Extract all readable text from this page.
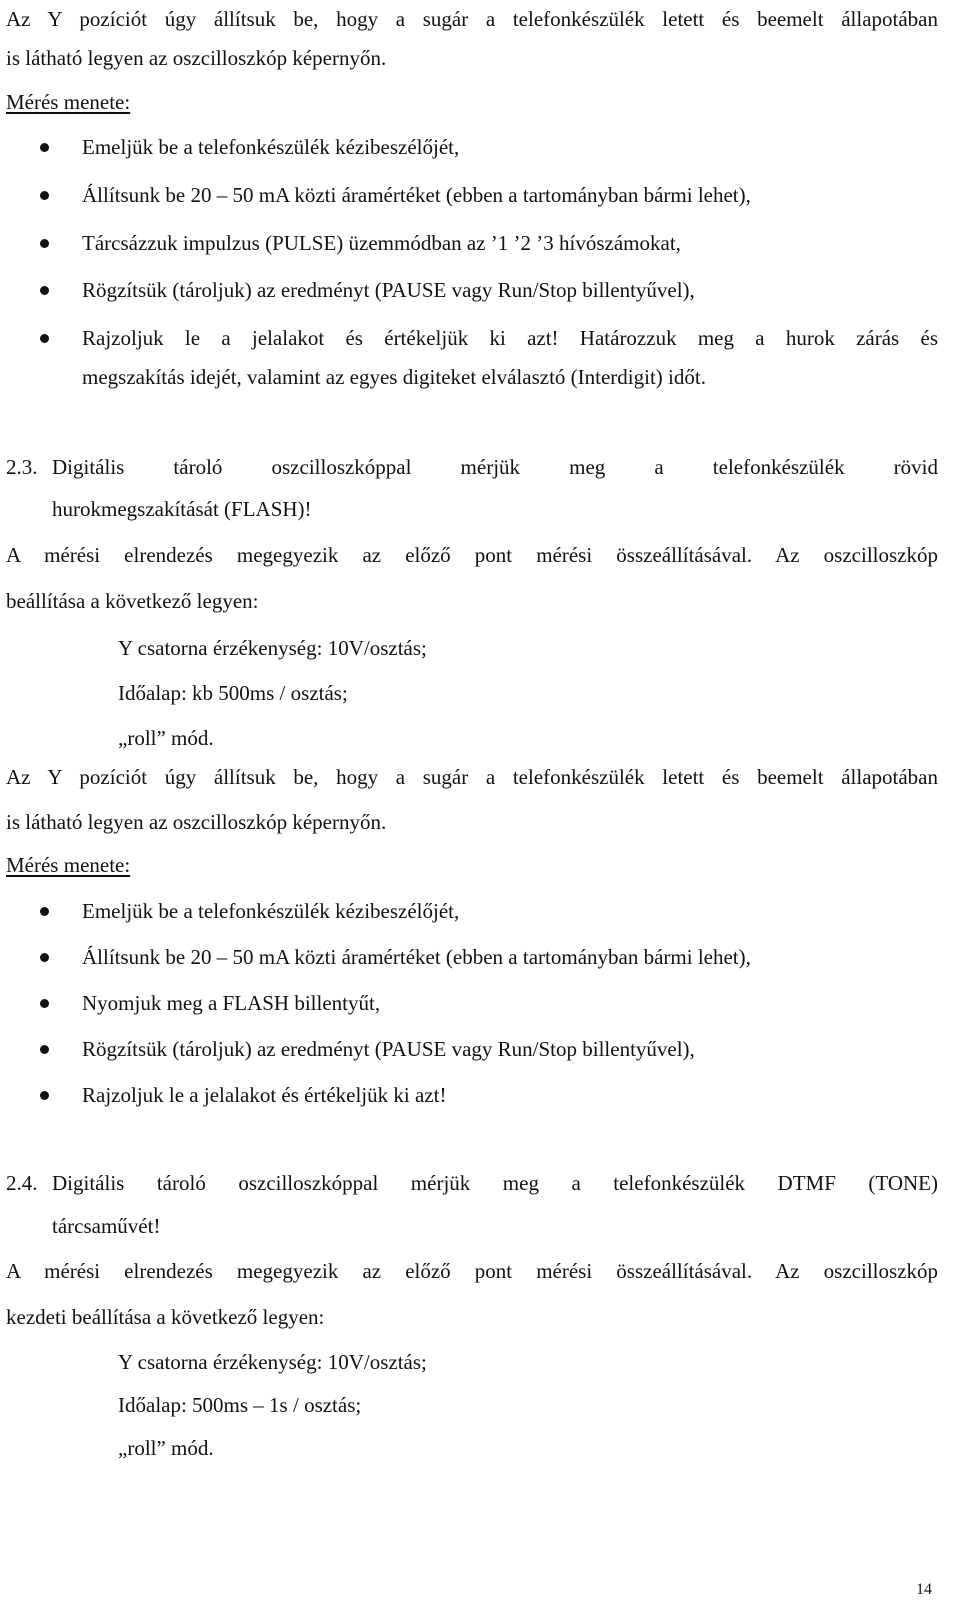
Az Y pozíciót úgy állítsuk be, hogy a sugár a telefonkészülék letett és beemelt állapotában
is látható legyen az oszcilloszkóp képernyőn.
Mérés menete:
Emeljük be a telefonkészülék kézibeszélőjét,
Állítsunk be 20 – 50 mA közti áramértéket (ebben a tartományban bármi lehet),
Tárcsázzuk impulzus (PULSE) üzemmódban az ’1 ’2 ’3 hívószámokat,
Rögzítsük (tároljuk) az eredményt (PAUSE vagy Run/Stop billentyűvel),
Rajzoljuk le a jelalakot és értékeljük ki azt! Határozzuk meg a hurok zárás és
megszakítás idejét, valamint az egyes digiteket elválasztó (Interdigit) időt.
2.3. Digitális tároló oszcilloszkóppal mérjük meg a telefonkészülék rövid
hurokmegszakítását (FLASH)!
A mérési elrendezés megegyezik az előző pont mérési összeállításával. Az oszcilloszkóp
beállítása a következő legyen:
Y csatorna érzékenység: 10V/osztás;
Időalap: kb 500ms / osztás;
„roll” mód.
Az Y pozíciót úgy állítsuk be, hogy a sugár a telefonkészülék letett és beemelt állapotában
is látható legyen az oszcilloszkóp képernyőn.
Mérés menete:
Emeljük be a telefonkészülék kézibeszélőjét,
Állítsunk be 20 – 50 mA közti áramértéket (ebben a tartományban bármi lehet),
Nyomjuk meg a FLASH billentyűt,
Rögzítsük (tároljuk) az eredményt (PAUSE vagy Run/Stop billentyűvel),
Rajzoljuk le a jelalakot és értékeljük ki azt!
2.4. Digitális tároló oszcilloszkóppal mérjük meg a telefonkészülék DTMF (TONE)
tárcsaművét!
A mérési elrendezés megegyezik az előző pont mérési összeállításával. Az oszcilloszkóp
kezdeti beállítása a következő legyen:
Y csatorna érzékenység: 10V/osztás;
Időalap: 500ms – 1s / osztás;
„roll” mód.
14
